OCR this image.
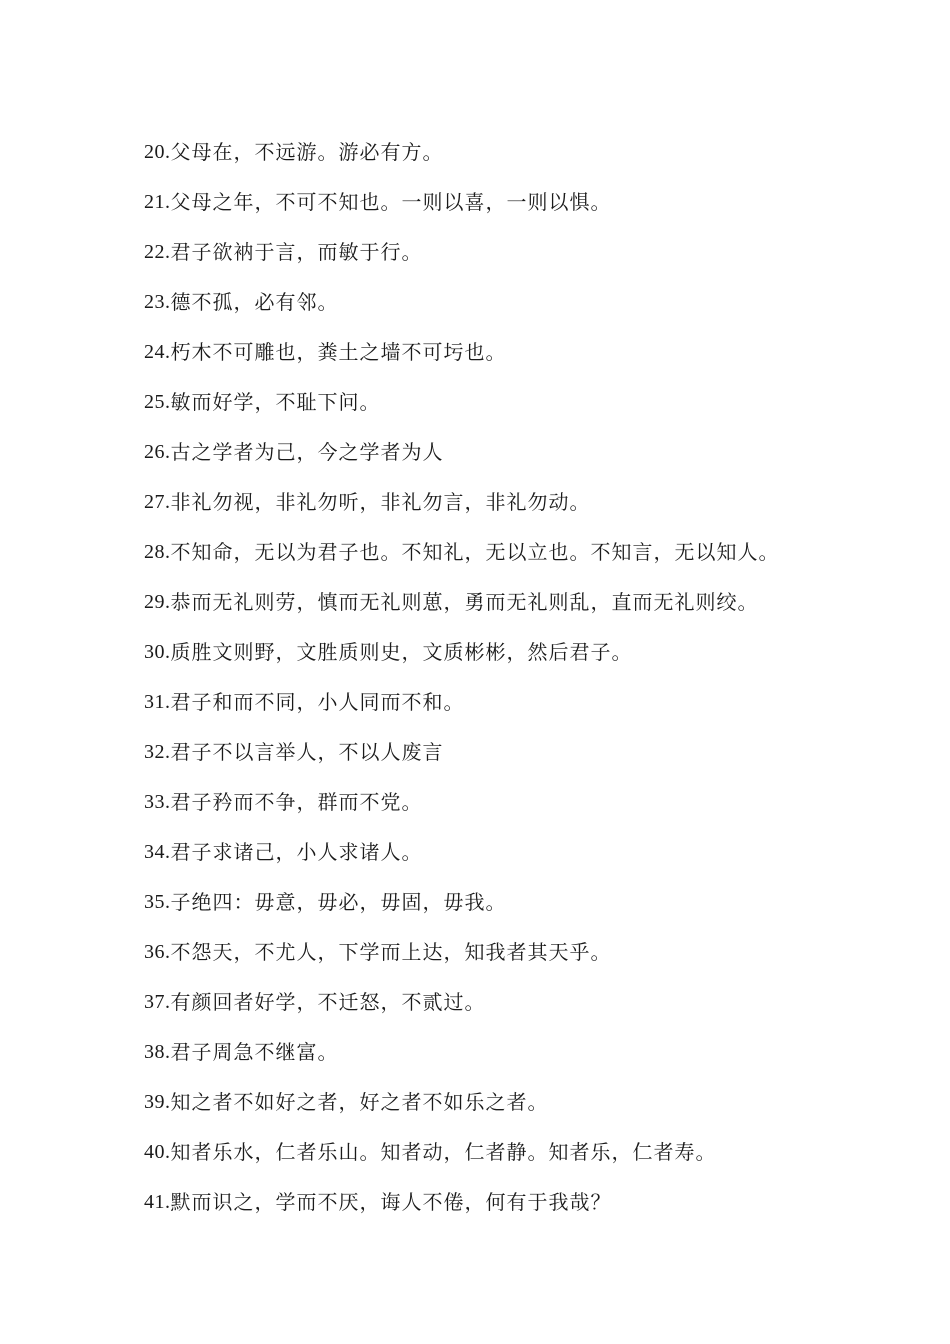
20. 父母在，不远游。游必有方。
21. 父母之年，不可不知也。一则以喜，一则以惧。
22. 君子欲衲于言，而敏于行。
23. 德不孤，必有邻。
24. 朽木不可雕也，粪土之墙不可圬也。
25. 敏而好学，不耻下问。
26. 古之学者为己，今之学者为人
27. 非礼勿视，非礼勿听，非礼勿言，非礼勿动。
28. 不知命，无以为君子也。不知礼，无以立也。不知言，无以知人。
29. 恭而无礼则劳，慎而无礼则葸，勇而无礼则乱，直而无礼则绞。
30. 质胜文则野，文胜质则史，文质彬彬，然后君子。
31. 君子和而不同，小人同而不和。
32. 君子不以言举人，不以人废言
33. 君子矜而不争，群而不党。
34. 君子求诸己，小人求诸人。
35. 子绝四：毋意，毋必，毋固，毋我。
36. 不怨天，不尤人，下学而上达，知我者其天乎。
37. 有颜回者好学，不迁怒，不贰过。
38. 君子周急不继富。
39. 知之者不如好之者，好之者不如乐之者。
40. 知者乐水，仁者乐山。知者动，仁者静。知者乐，仁者寿。
41. 默而识之，学而不厌，诲人不倦，何有于我哉？
